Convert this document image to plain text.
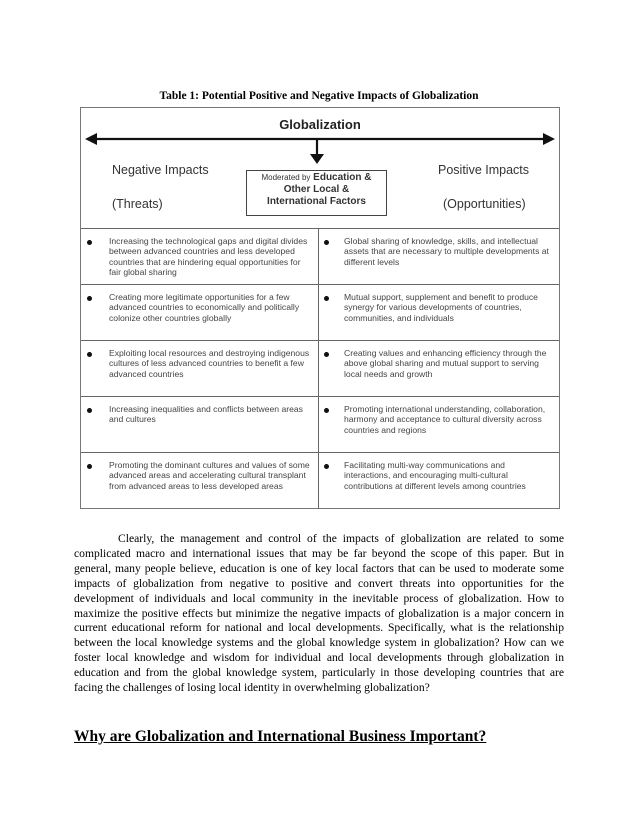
Table 1: Potential Positive and Negative Impacts of Globalization
Globalization
Negative Impacts
(Threats)
Positive Impacts
(Opportunities)
Moderated by Education &
Other Local &
International Factors
Increasing the technological gaps and digital divides between advanced countries and less developed countries that are hindering equal opportunities for fair global sharing
Global sharing of knowledge, skills, and intellectual assets that are necessary to multiple developments at different levels
Creating more legitimate opportunities for a few advanced countries to economically and politically colonize other countries globally
Mutual support, supplement and benefit to produce synergy for various developments of countries, communities, and individuals
Exploiting local resources and destroying indigenous cultures of less advanced countries to benefit a few advanced countries
Creating values and enhancing efficiency through the above global sharing and mutual support to serving local needs and growth
Increasing inequalities and conflicts between areas and cultures
Promoting international understanding, collaboration, harmony and acceptance to cultural diversity across countries and regions
Promoting the dominant cultures and values of some advanced areas and accelerating cultural transplant from advanced areas to less developed areas
Facilitating multi-way communications and interactions, and encouraging multi-cultural contributions at different levels among countries

Clearly, the management and control of the impacts of globalization are related to some complicated macro and international issues that may be far beyond the scope of this paper. But in general, many people believe, education is one of key local factors that can be used to moderate some impacts of globalization from negative to positive and convert threats into opportunities for the development of individuals and local community in the inevitable process of globalization. How to maximize the positive effects but minimize the negative impacts of globalization is a major concern in current educational reform for national and local developments. Specifically, what is the relationship between the local knowledge systems and the global knowledge system in globalization? How can we foster local knowledge and wisdom for individual and local developments through globalization in education and from the global knowledge system, particularly in those developing countries that are facing the challenges of losing local identity in overwhelming globalization?

Why are Globalization and International Business Important?
